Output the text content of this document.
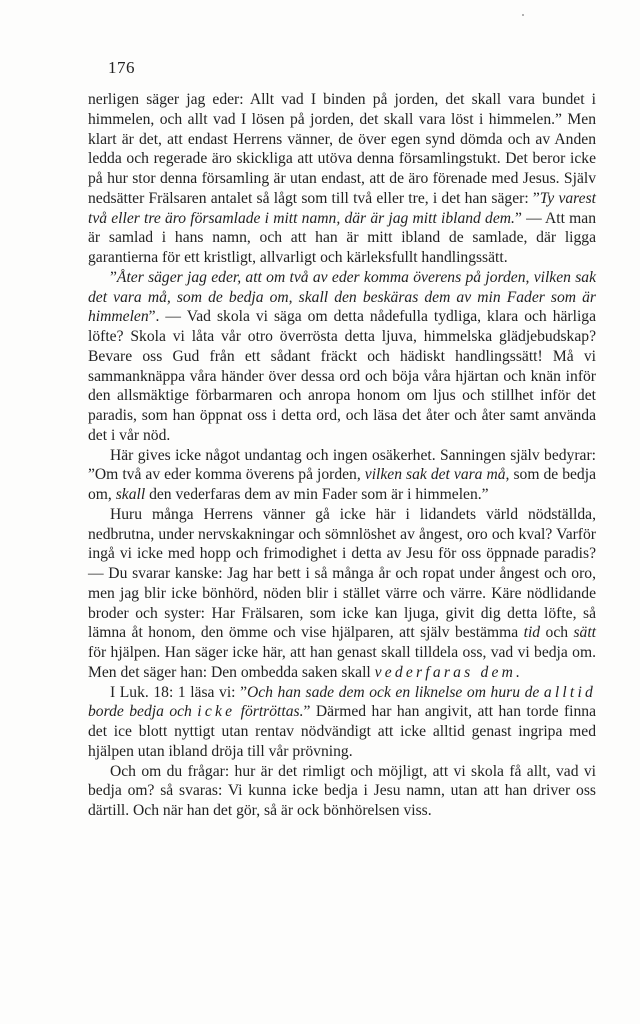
176

nerligen säger jag eder: Allt vad I binden på jorden, det skall vara bundet i himmelen, och allt vad I lösen på jorden, det skall vara löst i himmelen.” Men klart är det, att endast Herrens vänner, de över egen synd dömda och av Anden ledda och regerade äro skickliga att utöva denna församlingstukt. Det beror icke på hur stor denna församling är utan endast, att de äro förenade med Jesus. Själv nedsätter Frälsaren antalet så lågt som till två eller tre, i det han säger: ”Ty varest två eller tre äro församlade i mitt namn, där är jag mitt ibland dem.” — Att man är samlad i hans namn, och att han är mitt ibland de samlade, där ligga garantierna för ett kristligt, allvarligt och kärleksfullt handlingssätt.

”Åter säger jag eder, att om två av eder komma överens på jorden, vilken sak det vara må, som de bedja om, skall den beskäras dem av min Fader som är himmelen”. — Vad skola vi säga om detta nådefulla tydliga, klara och härliga löfte? Skola vi låta vår otro överrösta detta ljuva, himmelska glädjebudskap? Bevare oss Gud från ett sådant fräckt och hädiskt handlingssätt! Må vi sammanknäppa våra händer över dessa ord och böja våra hjärtan och knän inför den allsmäktige förbarmaren och anropa honom om ljus och stillhet inför det paradis, som han öppnat oss i detta ord, och läsa det åter och åter samt använda det i vår nöd.

Här gives icke något undantag och ingen osäkerhet. Sanningen själv bedyrar: ”Om två av eder komma överens på jorden, vilken sak det vara må, som de bedja om, skall den vederfaras dem av min Fader som är i himmelen.”

Huru många Herrens vänner gå icke här i lidandets värld nödställda, nedbrutna, under nervskakningar och sömnlöshet av ångest, oro och kval? Varför ingå vi icke med hopp och frimodighet i detta av Jesu för oss öppnade paradis? — Du svarar kanske: Jag har bett i så många år och ropat under ångest och oro, men jag blir icke bönhörd, nöden blir i stället värre och värre. Käre nödlidande broder och syster: Har Frälsaren, som icke kan ljuga, givit dig detta löfte, så lämna åt honom, den ömme och vise hjälparen, att själv bestämma tid och sätt för hjälpen. Han säger icke här, att han genast skall tilldela oss, vad vi bedja om. Men det säger han: Den ombedda saken skall vederfaras dem.

I Luk. 18: 1 läsa vi: ”Och han sade dem ock en liknelse om huru de alltid borde bedja och icke förtröttas.” Därmed har han angivit, att han torde finna det ice blott nyttigt utan rentav nödvändigt att icke alltid genast ingripa med hjälpen utan ibland dröja till vår prövning.

Och om du frågar: hur är det rimligt och möjligt, att vi skola få allt, vad vi bedja om? så svaras: Vi kunna icke bedja i Jesu namn, utan att han driver oss därtill. Och när han det gör, så är ock bönhörelsen viss.
